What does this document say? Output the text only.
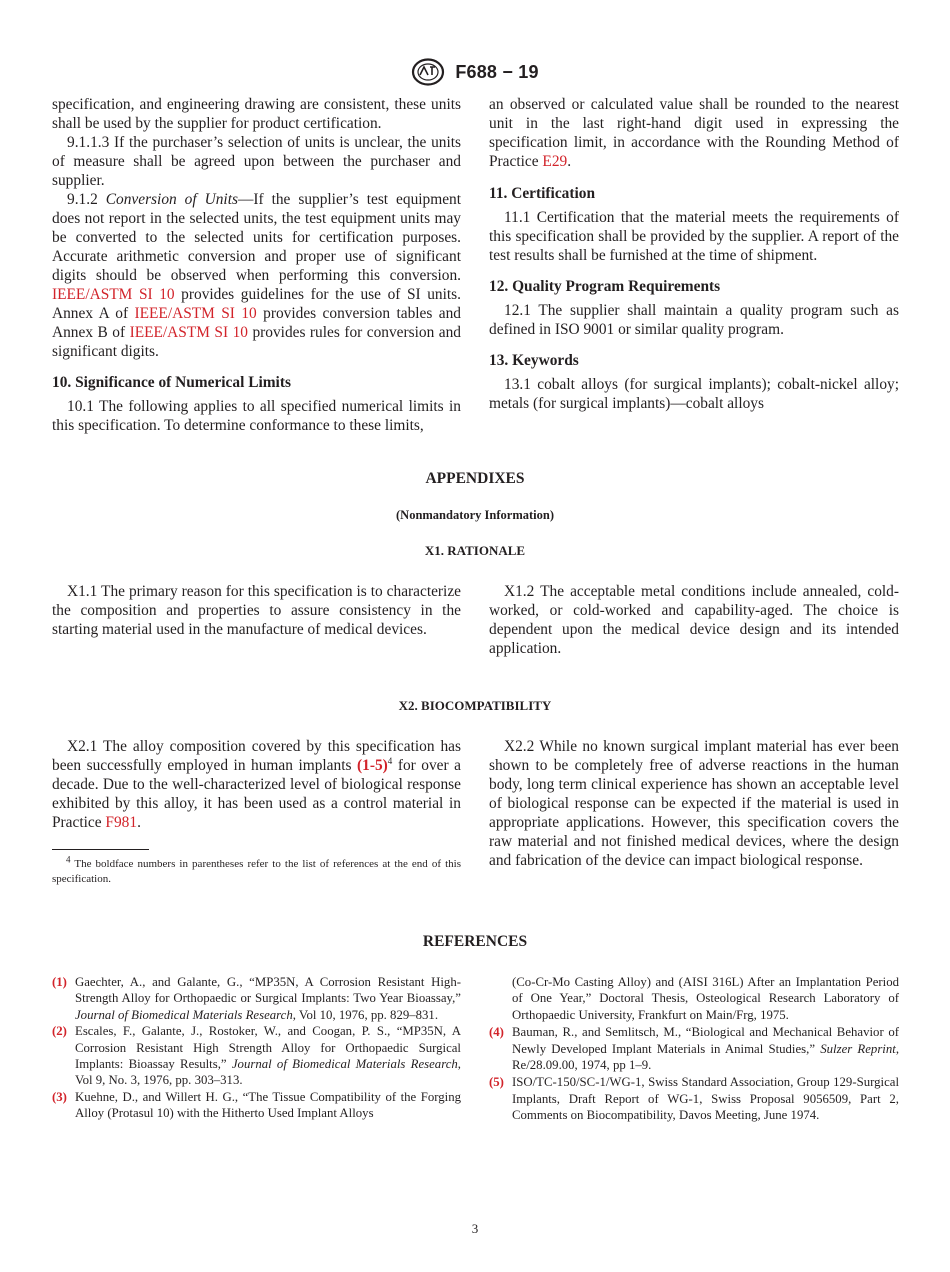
F688 − 19

specification, and engineering drawing are consistent, these units shall be used by the supplier for product certification.

9.1.1.3 If the purchaser’s selection of units is unclear, the units of measure shall be agreed upon between the purchaser and supplier.

9.1.2 Conversion of Units—If the supplier’s test equipment does not report in the selected units, the test equipment units may be converted to the selected units for certification purposes. Accurate arithmetic conversion and proper use of significant digits should be observed when performing this conversion. IEEE/ASTM SI 10 provides guidelines for the use of SI units. Annex A of IEEE/ASTM SI 10 provides conversion tables and Annex B of IEEE/ASTM SI 10 provides rules for conversion and significant digits.

10. Significance of Numerical Limits

10.1 The following applies to all specified numerical limits in this specification. To determine conformance to these limits,

an observed or calculated value shall be rounded to the nearest unit in the last right-hand digit used in expressing the specification limit, in accordance with the Rounding Method of Practice E29.

11. Certification

11.1 Certification that the material meets the requirements of this specification shall be provided by the supplier. A report of the test results shall be furnished at the time of shipment.

12. Quality Program Requirements

12.1 The supplier shall maintain a quality program such as defined in ISO 9001 or similar quality program.

13. Keywords

13.1 cobalt alloys (for surgical implants); cobalt-nickel alloy; metals (for surgical implants)—cobalt alloys

APPENDIXES
(Nonmandatory Information)
X1. RATIONALE

X1.1 The primary reason for this specification is to characterize the composition and properties to assure consistency in the starting material used in the manufacture of medical devices.

X1.2 The acceptable metal conditions include annealed, cold-worked, or cold-worked and capability-aged. The choice is dependent upon the medical device design and its intended application.

X2. BIOCOMPATIBILITY

X2.1 The alloy composition covered by this specification has been successfully employed in human implants $(1-5)^4$ for over a decade. Due to the well-characterized level of biological response exhibited by this alloy, it has been used as a control material in Practice F981.

X2.2 While no known surgical implant material has ever been shown to be completely free of adverse reactions in the human body, long term clinical experience has shown an acceptable level of biological response can be expected if the material is used in appropriate applications. However, this specification covers the raw material and not finished medical devices, where the design and fabrication of the device can impact biological response.

$^4$ The boldface numbers in parentheses refer to the list of references at the end of this specification.
REFERENCES
(1) Gaechter, A., and Galante, G., “MP35N, A Corrosion Resistant High-Strength Alloy for Orthopaedic or Surgical Implants: Two Year Bioassay,” Journal of Biomedical Materials Research, Vol 10, 1976, pp. 829–831.
(2) Escales, F., Galante, J., Rostoker, W., and Coogan, P. S., “MP35N, A Corrosion Resistant High Strength Alloy for Orthopaedic Surgical Implants: Bioassay Results,” Journal of Biomedical Materials Research, Vol 9, No. 3, 1976, pp. 303–313.
(3) Kuehne, D., and Willert H. G., “The Tissue Compatibility of the Forging Alloy (Protasul 10) with the Hitherto Used Implant Alloys
(Co-Cr-Mo Casting Alloy) and (AISI 316L) After an Implantation Period of One Year,” Doctoral Thesis, Osteological Research Laboratory of Orthopaedic University, Frankfurt on Main/Frg, 1975.
(4) Bauman, R., and Semlitsch, M., “Biological and Mechanical Behavior of Newly Developed Implant Materials in Animal Studies,” Sulzer Reprint, Re/28.09.00, 1974, pp 1–9.
(5) ISO/TC-150/SC-1/WG-1, Swiss Standard Association, Group 129-Surgical Implants, Draft Report of WG-1, Swiss Proposal 9056509, Part 2, Comments on Biocompatibility, Davos Meeting, June 1974.
3
